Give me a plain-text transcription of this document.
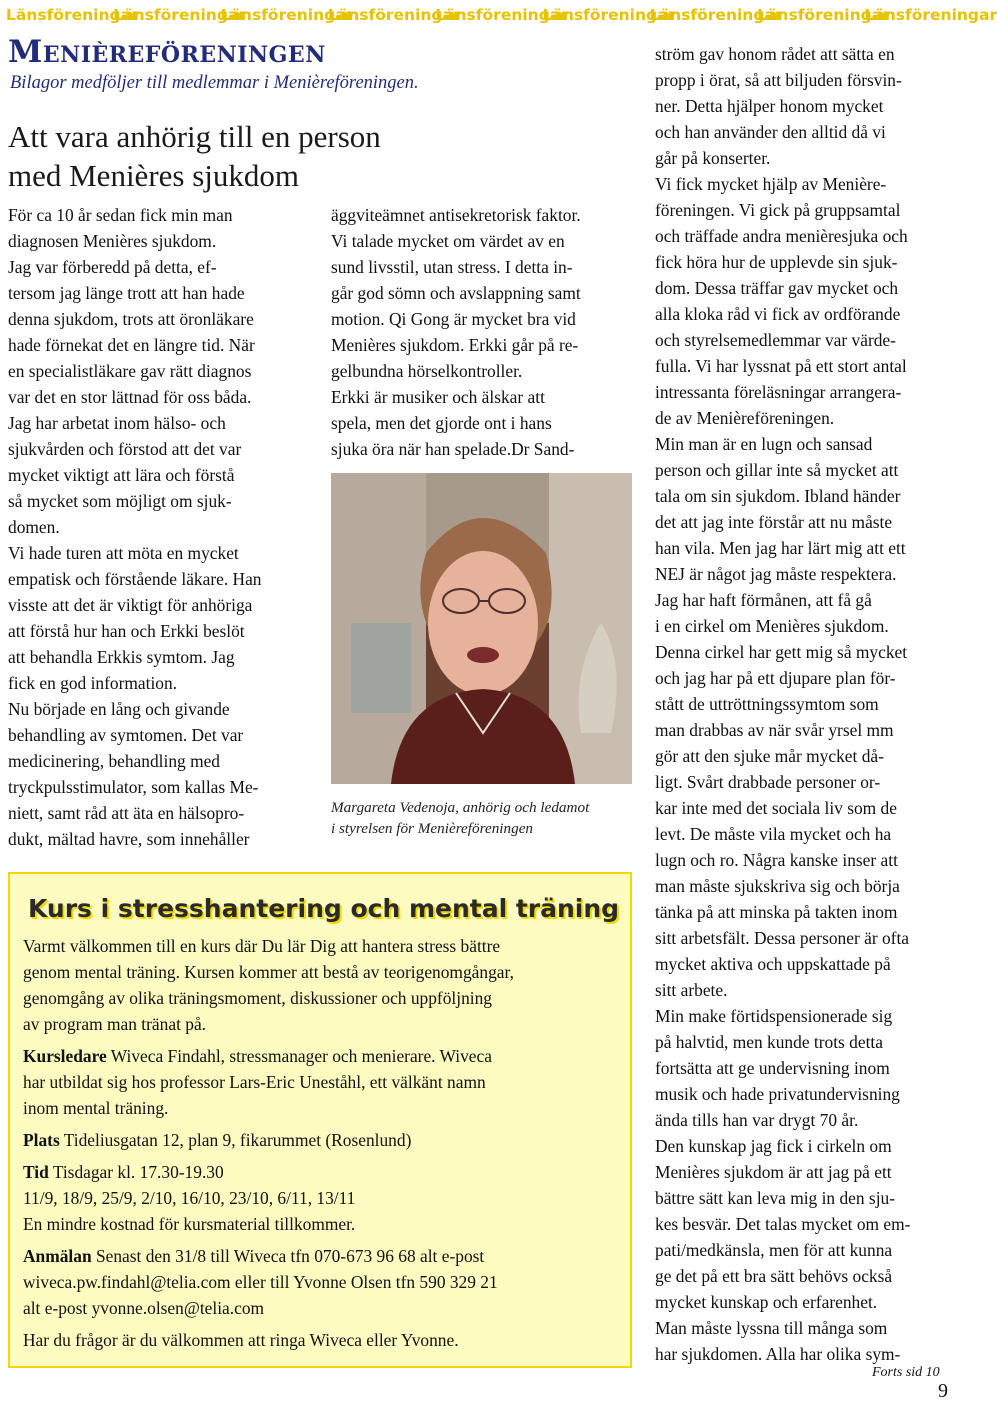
Länsföreningar
Länsföreningar
Länsföreningar
Länsföreningar
Länsföreningar
Länsföreningar
Länsföreningar
Länsföreningar
Länsföreningar
Menièreföreningen
Bilagor medföljer till medlemmar i Menièreföreningen.
Att vara anhörig till en person
med Menières sjukdom
För ca 10 år sedan fick min man
diagnosen Menières sjukdom.
Jag var förberedd på detta, ef-
tersom jag länge trott att han hade
denna sjukdom, trots att öronläkare
hade förnekat det en längre tid. När
en specialistläkare gav rätt diagnos
var det en stor lättnad för oss båda.
Jag har arbetat inom hälso- och
sjukvården och förstod att det var
mycket viktigt att lära och förstå
så mycket som möjligt om sjuk-
domen.
Vi hade turen att möta en mycket
empatisk och förstående läkare. Han
visste att det är viktigt för anhöriga
att förstå hur han och Erkki beslöt
att behandla Erkkis symtom. Jag
fick en god information.
Nu började en lång och givande
behandling av symtomen. Det var
medicinering, behandling med
tryckpulsstimulator, som kallas Me-
niett, samt råd att äta en hälsopro-
dukt, mältad havre, som innehåller
äggviteämnet antisekretorisk faktor.
Vi talade mycket om värdet av en
sund livsstil, utan stress. I detta in-
går god sömn och avslappning samt
motion. Qi Gong är mycket bra vid
Menières sjukdom. Erkki går på re-
gelbundna hörselkontroller.
Erkki är musiker och älskar att
spela, men det gjorde ont i hans
sjuka öra när han spelade.Dr Sand-
ström gav honom rådet att sätta en
propp i örat, så att biljuden försvin-
ner. Detta hjälper honom mycket
och han använder den alltid då vi
går på konserter.
Vi fick mycket hjälp av Menière-
föreningen. Vi gick på gruppsamtal
och träffade andra menièresjuka och
fick höra hur de upplevde sin sjuk-
dom. Dessa träffar gav mycket och
alla kloka råd vi fick av ordförande
och styrelsemedlemmar var värde-
fulla. Vi har lyssnat på ett stort antal
intressanta föreläsningar arrangera-
de av Menièreföreningen.
Min man är en lugn och sansad
person och gillar inte så mycket att
tala om sin sjukdom. Ibland händer
det att jag inte förstår att nu måste
han vila. Men jag har lärt mig att ett
NEJ är något jag måste respektera.
Jag har haft förmånen, att få gå
i en cirkel om Menières sjukdom.
Denna cirkel har gett mig så mycket
och jag har på ett djupare plan för-
stått de uttröttningssymtom som
man drabbas av när svår yrsel mm
gör att den sjuke mår mycket då-
ligt. Svårt drabbade personer or-
kar inte med det sociala liv som de
levt. De måste vila mycket och ha
lugn och ro. Några kanske inser att
man måste sjukskriva sig och börja
tänka på att minska på takten inom
sitt arbetsfält. Dessa personer är ofta
mycket aktiva och uppskattade på
sitt arbete.
Min make förtidspensionerade sig
på halvtid, men kunde trots detta
fortsätta att ge undervisning inom
musik och hade privatundervisning
ända tills han var drygt 70 år.
Den kunskap jag fick i cirkeln om
Menières sjukdom är att jag på ett
bättre sätt kan leva mig in den sju-
kes besvär. Det talas mycket om em-
pati/medkänsla, men för att kunna
ge det på ett bra sätt behövs också
mycket kunskap och erfarenhet.
Man måste lyssna till många som
har sjukdomen. Alla har olika sym-
Margareta Vedenoja, anhörig och ledamot
i styrelsen för Menièreföreningen
Kurs i stresshantering och mental träning
Varmt välkommen till en kurs där Du lär Dig att hantera stress bättre
genom mental träning. Kursen kommer att bestå av teorigenomgångar,
genomgång av olika träningsmoment, diskussioner och uppföljning
av program man tränat på.
Kursledare Wiveca Findahl, stressmanager och menierare. Wiveca
har utbildat sig hos professor Lars-Eric Uneståhl, ett välkänt namn
inom mental träning.
Plats Tideliusgatan 12, plan 9, fikarummet (Rosenlund)
Tid Tisdagar kl. 17.30-19.30
11/9, 18/9, 25/9, 2/10, 16/10, 23/10, 6/11, 13/11
En mindre kostnad för kursmaterial tillkommer.
Anmälan Senast den 31/8 till Wiveca tfn 070-673 96 68 alt e-post
wiveca.pw.findahl@telia.com eller till Yvonne Olsen tfn 590 329 21
alt e-post yvonne.olsen@telia.com
Har du frågor är du välkommen att ringa Wiveca eller Yvonne.
Forts sid 10
9
